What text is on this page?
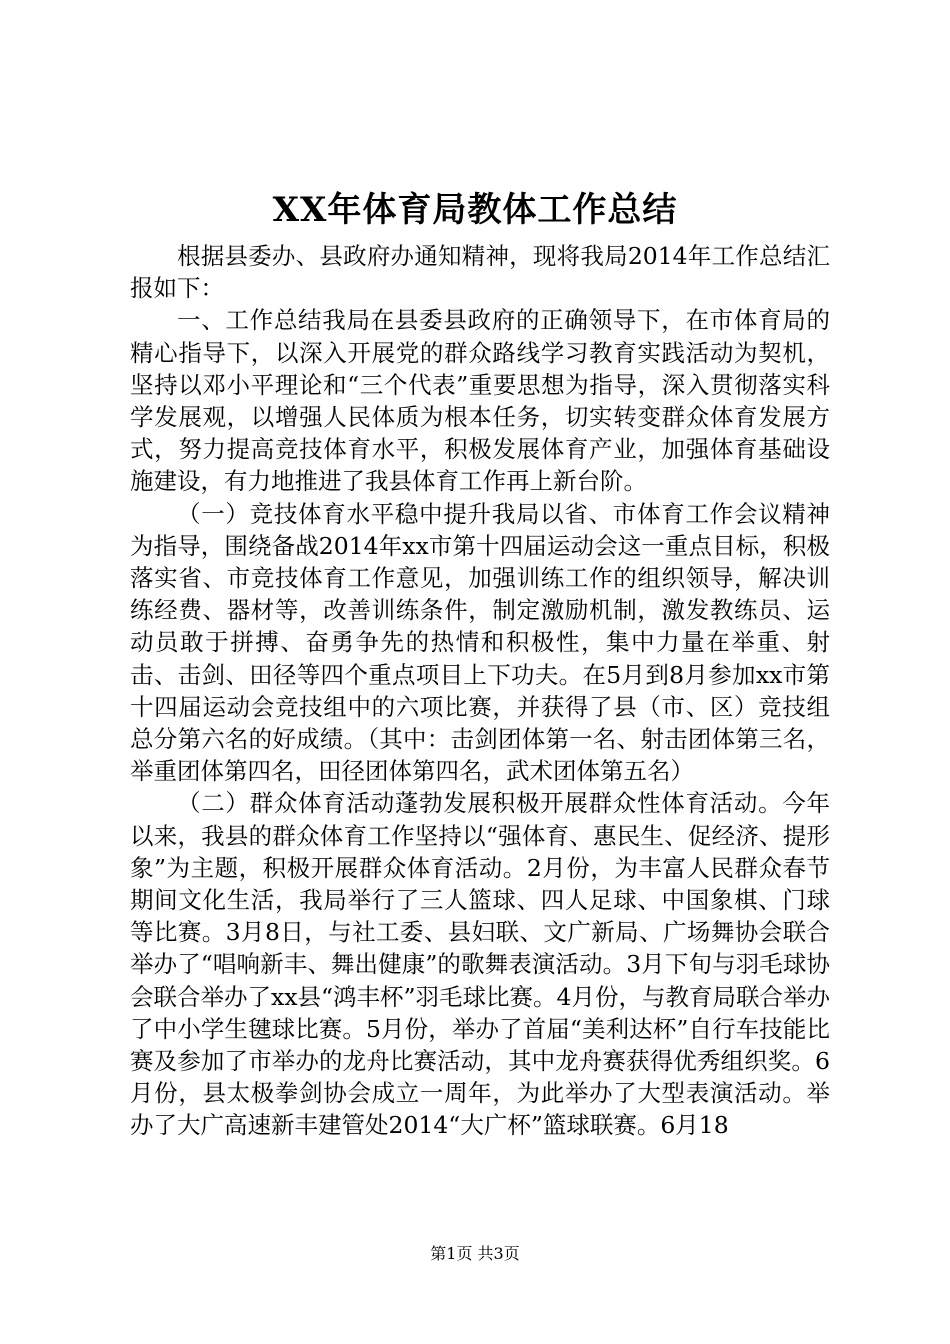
XX年体育局教体工作总结

根据县委办、县政府办通知精神，现将我局2014年工作总结汇报如下：

一、工作总结我局在县委县政府的正确领导下，在市体育局的精心指导下，以深入开展党的群众路线学习教育实践活动为契机，坚持以邓小平理论和“三个代表”重要思想为指导，深入贯彻落实科学发展观，以增强人民体质为根本任务，切实转变群众体育发展方式，努力提高竞技体育水平，积极发展体育产业，加强体育基础设施建设，有力地推进了我县体育工作再上新台阶。

（一）竞技体育水平稳中提升我局以省、市体育工作会议精神为指导，围绕备战2014年xx市第十四届运动会这一重点目标，积极落实省、市竞技体育工作意见，加强训练工作的组织领导，解决训练经费、器材等，改善训练条件，制定激励机制，激发教练员、运动员敢于拼搏、奋勇争先的热情和积极性，集中力量在举重、射击、击剑、田径等四个重点项目上下功夫。在5月到8月参加xx市第十四届运动会竞技组中的六项比赛，并获得了县（市、区）竞技组总分第六名的好成绩。（其中：击剑团体第一名、射击团体第三名，举重团体第四名，田径团体第四名，武术团体第五名）

（二）群众体育活动蓬勃发展积极开展群众性体育活动。今年以来，我县的群众体育工作坚持以“强体育、惠民生、促经济、提形象”为主题，积极开展群众体育活动。2月份，为丰富人民群众春节期间文化生活，我局举行了三人篮球、四人足球、中国象棋、门球等比赛。3月8日，与社工委、县妇联、文广新局、广场舞协会联合举办了“唱响新丰、舞出健康”的歌舞表演活动。3月下旬与羽毛球协会联合举办了xx县“鸿丰杯”羽毛球比赛。4月份，与教育局联合举办了中小学生毽球比赛。5月份，举办了首届“美利达杯”自行车技能比赛及参加了市举办的龙舟比赛活动，其中龙舟赛获得优秀组织奖。6月份，县太极拳剑协会成立一周年，为此举办了大型表演活动。举办了大广高速新丰建管处2014“大广杯”篮球联赛。6月18

第1页 共3页
